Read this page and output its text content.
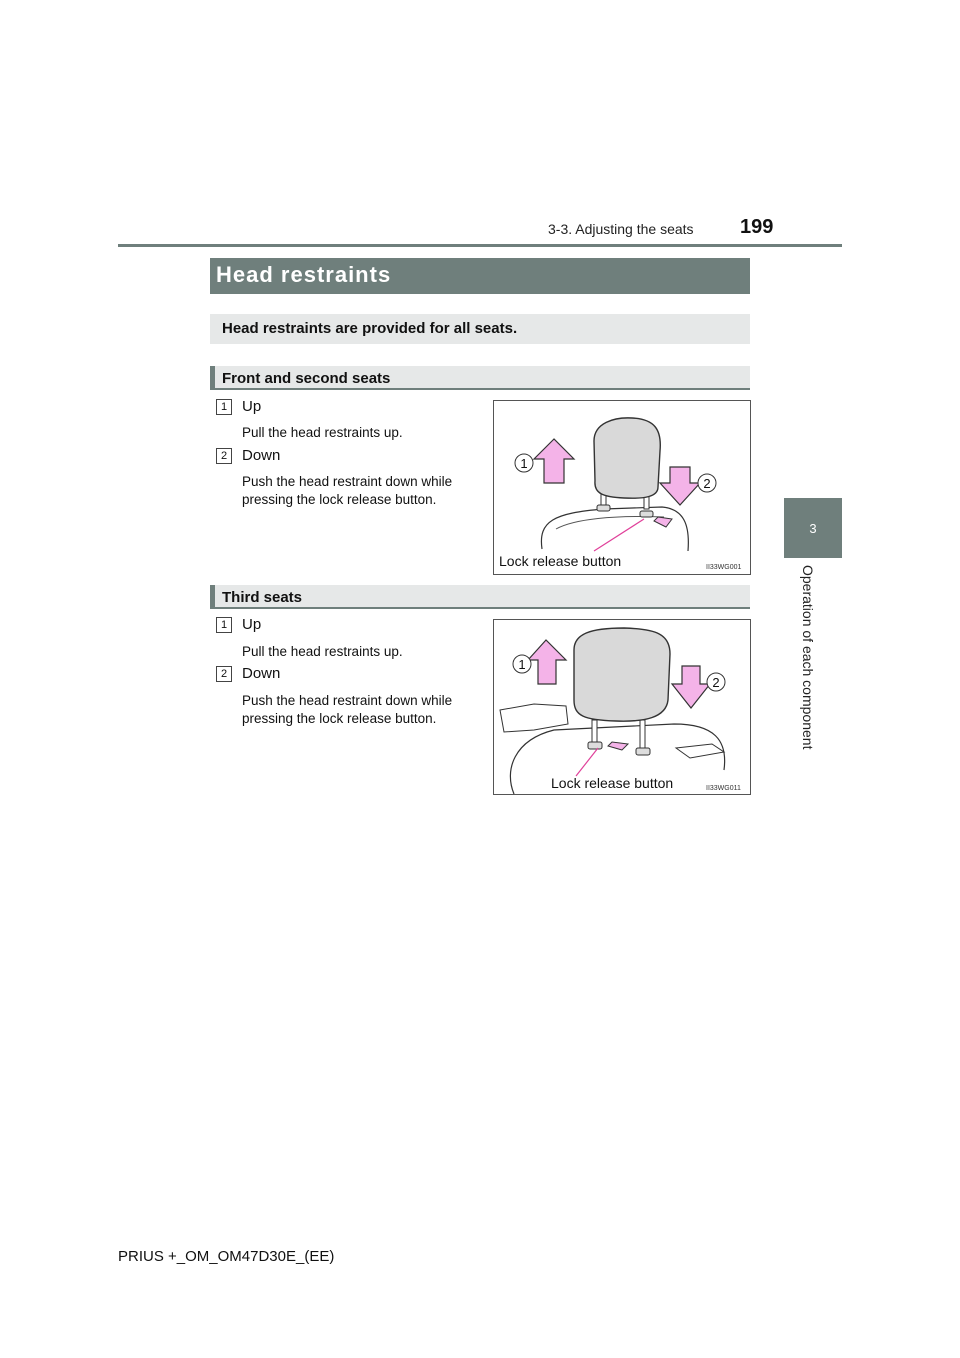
3-3. Adjusting the seats 199
3
Operation of each component
Head restraints
Head restraints are provided for all seats.
Front and second seats
1 Up
Pull the head restraints up.
2 Down
Push the head restraint down while pressing the lock release button.
1
2
Lock release button	II33WG001
Third seats
1 Up
Pull the head restraints up.
2 Down
Push the head restraint down while pressing the lock release button.
1
2
Lock release button	II33WG011
PRIUS +_OM_OM47D30E_(EE)
